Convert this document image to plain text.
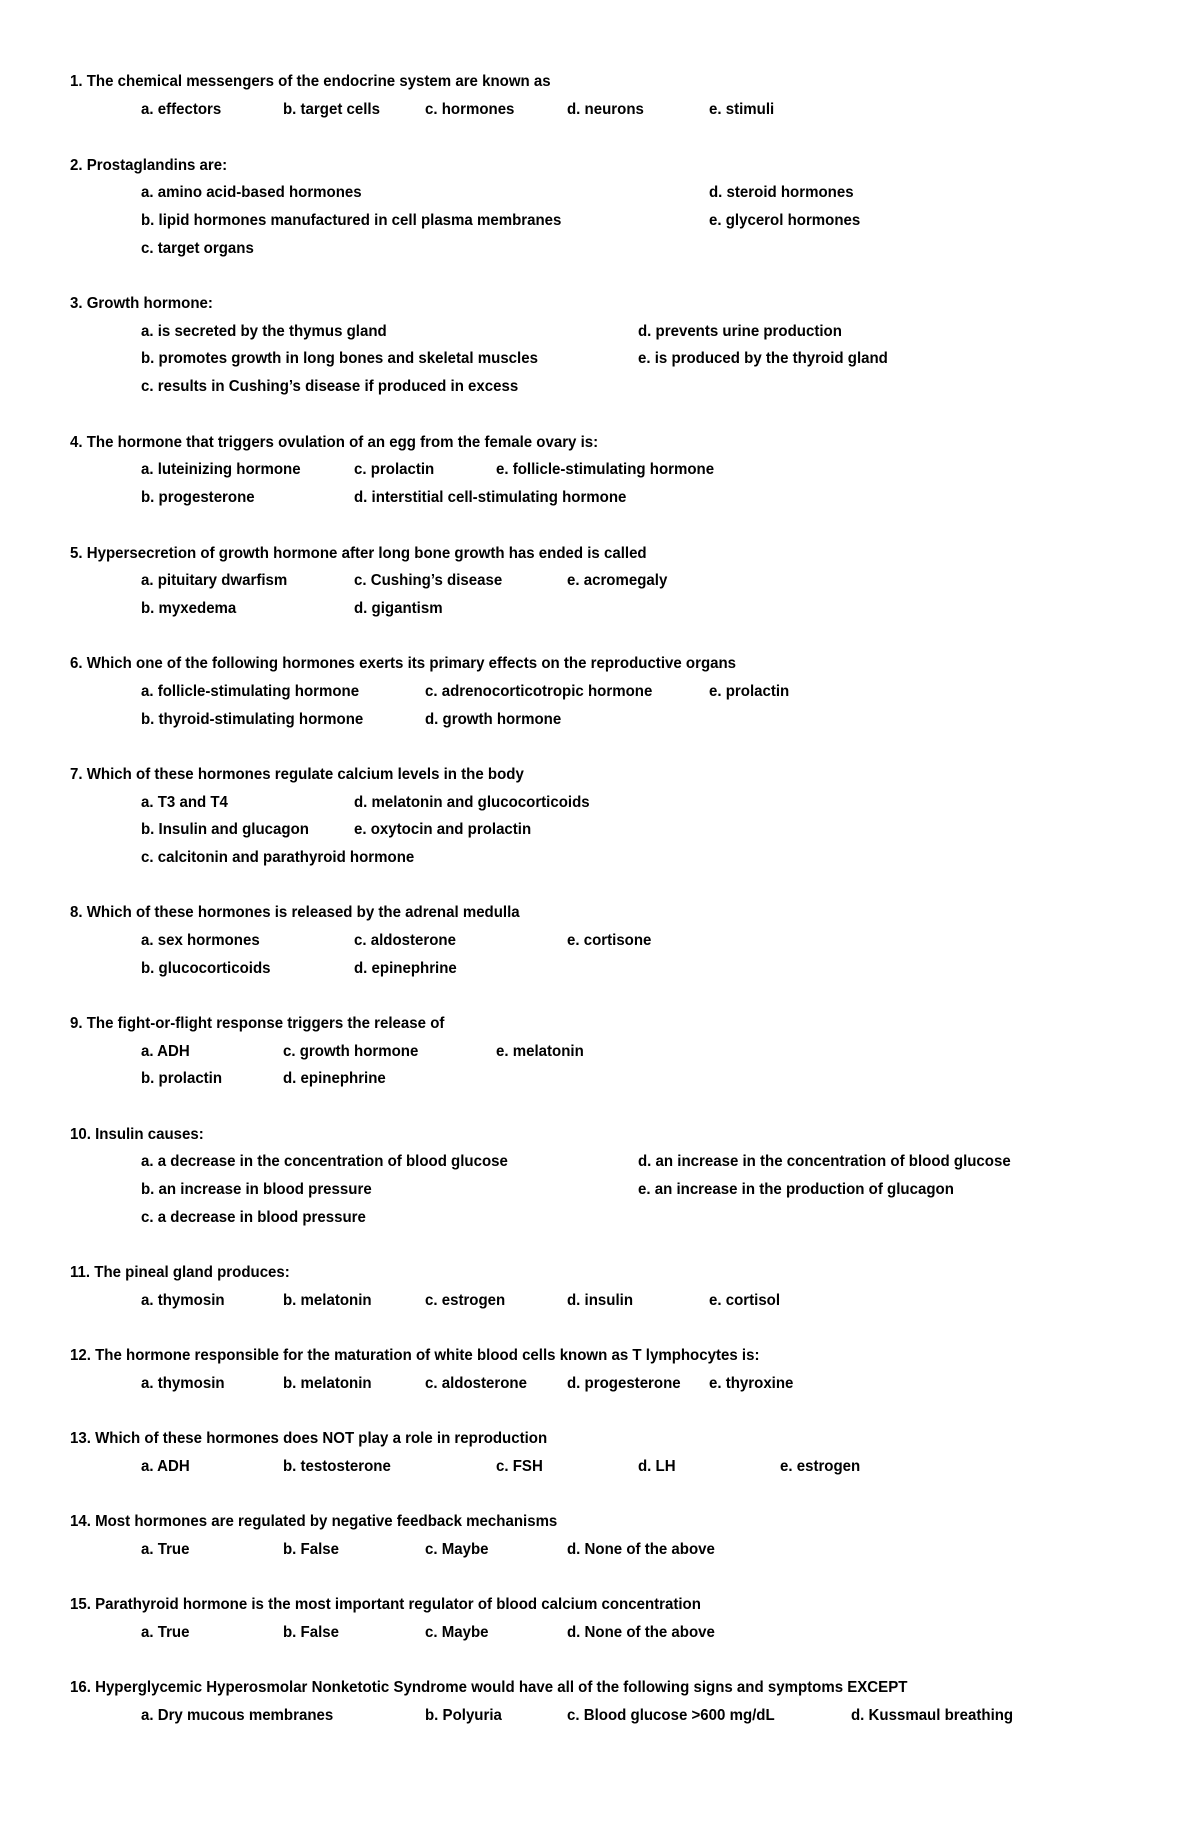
1. The chemical messengers of the endocrine system are known as
a. effectors	b. target cells	c. hormones	d. neurons	e. stimuli
2. Prostaglandins are:
a. amino acid-based hormones	d. steroid hormones
b. lipid hormones manufactured in cell plasma membranes	e. glycerol hormones
c. target organs
3. Growth hormone:
a. is secreted by the thymus gland	d. prevents urine production
b. promotes growth in long bones and skeletal muscles	e. is produced by the thyroid gland
c. results in Cushing’s disease if produced in excess
4. The hormone that triggers ovulation of an egg from the female ovary is:
a. luteinizing hormone	c. prolactin	e. follicle-stimulating hormone
b. progesterone	d. interstitial cell-stimulating hormone
5. Hypersecretion of growth hormone after long bone growth has ended is called
a. pituitary dwarfism	c. Cushing’s disease	e. acromegaly
b. myxedema	d. gigantism
6. Which one of the following hormones exerts its primary effects on the reproductive organs
a. follicle-stimulating hormone	c. adrenocorticotropic hormone	e. prolactin
b. thyroid-stimulating hormone	d. growth hormone
7. Which of these hormones regulate calcium levels in the body
a. T3 and T4	d. melatonin and glucocorticoids
b. Insulin and glucagon	e. oxytocin and prolactin
c. calcitonin and parathyroid hormone
8. Which of these hormones is released by the adrenal medulla
a. sex hormones	c. aldosterone	e. cortisone
b. glucocorticoids	d. epinephrine
9. The fight-or-flight response triggers the release of
a. ADH	c. growth hormone	e. melatonin
b. prolactin	d. epinephrine
10. Insulin causes:
a. a decrease in the concentration of blood glucose	d. an increase in the concentration of blood glucose
b. an increase in blood pressure	e. an increase in the production of glucagon
c. a decrease in blood pressure
11. The pineal gland produces:
a. thymosin	b. melatonin	c. estrogen	d. insulin	e. cortisol
12. The hormone responsible for the maturation of white blood cells known as T lymphocytes is:
a. thymosin	b. melatonin	c. aldosterone	d. progesterone e. thyroxine
13. Which of these hormones does NOT play a role in reproduction
a. ADH	b. testosterone	c. FSH	d. LH	e. estrogen
14. Most hormones are regulated by negative feedback mechanisms
a. True	b. False	c. Maybe	d. None of the above
15. Parathyroid hormone is the most important regulator of blood calcium concentration
a. True	b. False	c. Maybe	d. None of the above
16. Hyperglycemic Hyperosmolar Nonketotic Syndrome would have all of the following signs and symptoms EXCEPT
a. Dry mucous membranes	b. Polyuria	c. Blood glucose >600 mg/dL	d. Kussmaul breathing
